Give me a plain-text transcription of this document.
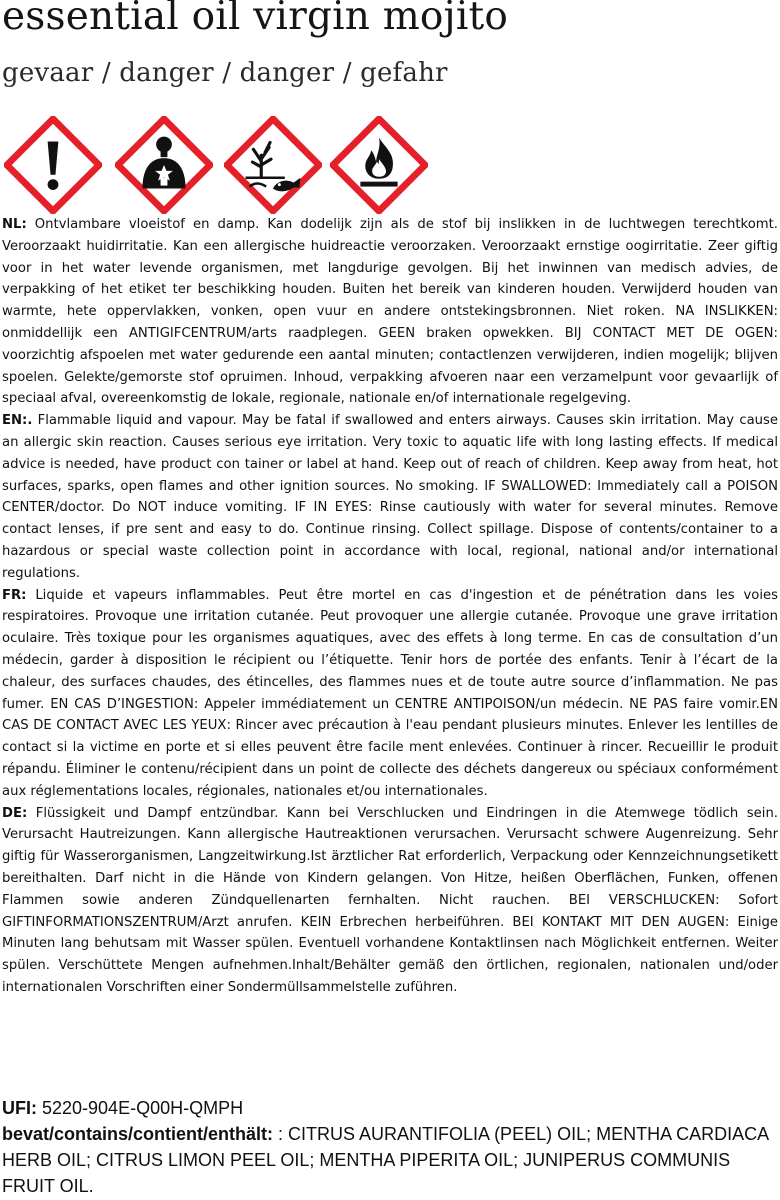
essential oil virgin mojito
gevaar / danger / danger / gefahr

NL: Ontvlambare vloeistof en damp. Kan dodelijk zijn als de stof bij inslikken in de luchtwegen terechtkomt. Veroorzaakt huidirritatie. Kan een allergische huidreactie veroorzaken. Veroorzaakt ernstige oogirritatie. Zeer giftig voor in het water levende organismen, met langdurige gevolgen. Bij het inwinnen van medisch advies, de verpakking of het etiket ter beschikking houden. Buiten het bereik van kinderen houden. Verwijderd houden van warmte, hete oppervlakken, vonken, open vuur en andere ontstekingsbronnen. Niet roken. NA INSLIKKEN: onmiddellijk een ANTIGIFCENTRUM/arts raadplegen. GEEN braken opwekken. BIJ CONTACT MET DE OGEN: voorzichtig afspoelen met water gedurende een aantal minuten; contactlenzen verwijderen, indien mogelijk; blijven spoelen. Gelekte/gemorste stof opruimen. Inhoud, verpakking afvoeren naar een verzamelpunt voor gevaarlijk of speciaal afval, overeenkomstig de lokale, regionale, nationale en/of internationale regelgeving.

EN:. Flammable liquid and vapour. May be fatal if swallowed and enters airways. Causes skin irritation. May cause an allergic skin reaction. Causes serious eye irritation. Very toxic to aquatic life with long lasting effects. If medical advice is needed, have product con tainer or label at hand. Keep out of reach of children. Keep away from heat, hot surfaces, sparks, open flames and other ignition sources. No smoking. IF SWALLOWED: Immediately call a POISON CENTER/doctor. Do NOT induce vomiting. IF IN EYES: Rinse cautiously with water for several minutes. Remove contact lenses, if pre sent and easy to do. Continue rinsing. Collect spillage. Dispose of contents/container to a hazardous or special waste collection point in accordance with local, regional, national and/or international regulations.

FR: Liquide et vapeurs inflammables. Peut être mortel en cas d'ingestion et de pénétration dans les voies respiratoires. Provoque une irritation cutanée. Peut provoquer une allergie cutanée. Provoque une grave irritation oculaire. Très toxique pour les organismes aquatiques, avec des effets à long terme. En cas de consultation d’un médecin, garder à disposition le récipient ou l’étiquette. Tenir hors de portée des enfants. Tenir à l’écart de la chaleur, des surfaces chaudes, des étincelles, des flammes nues et de toute autre source d’inflammation. Ne pas fumer. EN CAS D’INGESTION: Appeler immédiatement un CENTRE ANTIPOISON/un médecin. NE PAS faire vomir.EN CAS DE CONTACT AVEC LES YEUX: Rincer avec précaution à l'eau pendant plusieurs minutes. Enlever les lentilles de contact si la victime en porte et si elles peuvent être facile ment enlevées. Continuer à rincer. Recueillir le produit répandu. Éliminer le contenu/récipient dans un point de collecte des déchets dangereux ou spéciaux conformément aux réglementations locales, régionales, nationales et/ou internationales.

DE: Flüssigkeit und Dampf entzündbar. Kann bei Verschlucken und Eindringen in die Atemwege tödlich sein. Verursacht Hautreizungen. Kann allergische Hautreaktionen verursachen. Verursacht schwere Augenreizung. Sehr giftig für Wasserorganismen, Langzeitwirkung.Ist ärztlicher Rat erforderlich, Verpackung oder Kennzeichnungsetikett bereithalten. Darf nicht in die Hände von Kindern gelangen. Von Hitze, heißen Oberflächen, Funken, offenen Flammen sowie anderen Zündquellenarten fernhalten. Nicht rauchen. BEI VERSCHLUCKEN: Sofort GIFTINFORMATIONSZENTRUM/Arzt anrufen. KEIN Erbrechen herbeiführen. BEI KONTAKT MIT DEN AUGEN: Einige Minuten lang behutsam mit Wasser spülen. Eventuell vorhandene Kontaktlinsen nach Möglichkeit entfernen. Weiter spülen. Verschüttete Mengen aufnehmen.Inhalt/Behälter gemäß den örtlichen, regionalen, nationalen und/oder internationalen Vorschriften einer Sondermüllsammelstelle zuführen.

UFI: 5220-904E-Q00H-QMPH

bevat/contains/contient/enthält: : CITRUS AURANTIFOLIA (PEEL) OIL; MENTHA CARDIACA HERB OIL; CITRUS LIMON PEEL OIL; MENTHA PIPERITA OIL; JUNIPERUS COMMUNIS FRUIT OIL.
